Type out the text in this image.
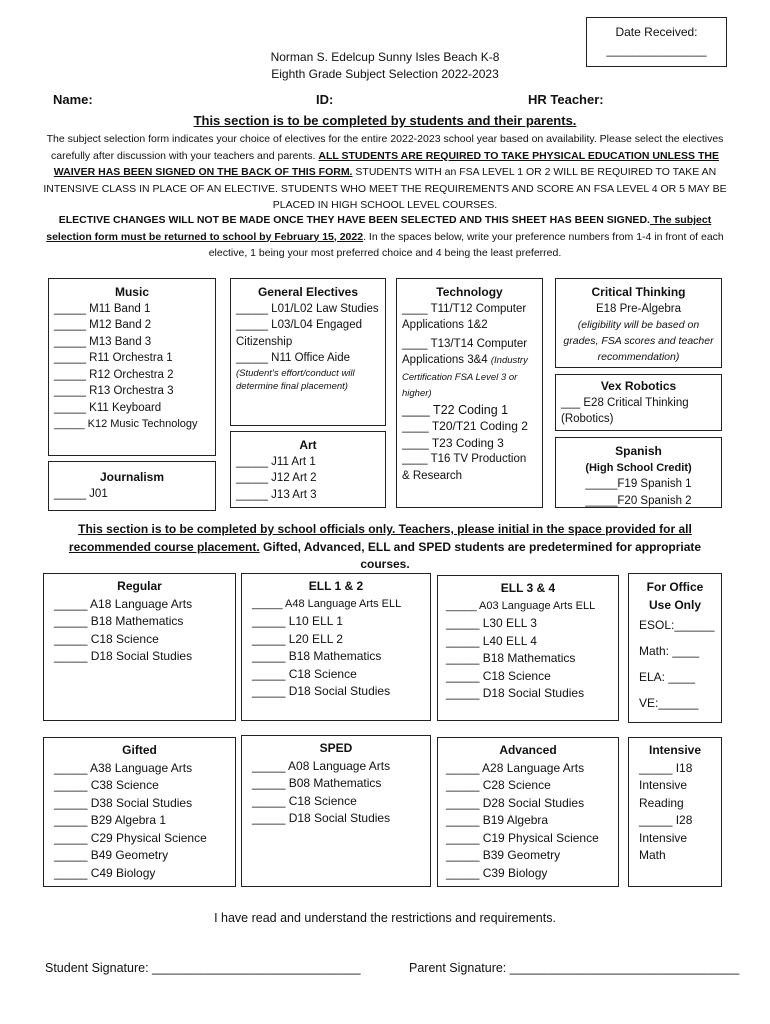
Date Received:
_______________
Norman S. Edelcup Sunny Isles Beach K-8
Eighth Grade Subject Selection 2022-2023
Name:	ID:	HR Teacher:
This section is to be completed by students and their parents.
The subject selection form indicates your choice of electives for the entire 2022-2023 school year based on availability. Please select the electives carefully after discussion with your teachers and parents. ALL STUDENTS ARE REQUIRED TO TAKE PHYSICAL EDUCATION UNLESS THE WAIVER HAS BEEN SIGNED ON THE BACK OF THIS FORM. STUDENTS WITH an FSA LEVEL 1 OR 2 WILL BE REQUIRED TO TAKE AN INTENSIVE CLASS IN PLACE OF AN ELECTIVE. STUDENTS WHO MEET THE REQUIREMENTS AND SCORE AN FSA LEVEL 4 OR 5 MAY BE PLACED IN HIGH SCHOOL LEVEL COURSES.
ELECTIVE CHANGES WILL NOT BE MADE ONCE THEY HAVE BEEN SELECTED AND THIS SHEET HAS BEEN SIGNED. The subject selection form must be returned to school by February 15, 2022. In the spaces below, write your preference numbers from 1-4 in front of each elective, 1 being your most preferred choice and 4 being the least preferred.
Music
_____ M11 Band 1
_____ M12 Band 2
_____ M13 Band 3
_____ R11 Orchestra 1
_____ R12 Orchestra 2
_____ R13 Orchestra 3
_____ K11 Keyboard
_____ K12 Music Technology
Journalism
_____ J01
General Electives
_____ L01/L02 Law Studies
_____ L03/L04 Engaged Citizenship
_____ N11 Office Aide
(Student’s effort/conduct will determine final placement)
Art
_____ J11 Art 1
_____ J12 Art 2
_____ J13 Art 3
Technology
____ T11/T12 Computer Applications 1&2
____ T13/T14 Computer Applications 3&4 (Industry Certification FSA Level 3 or higher)
____ T22 Coding 1
____ T20/T21 Coding 2
____ T23 Coding 3
____ T16 TV Production & Research
Critical Thinking
E18 Pre-Algebra
(eligibility will be based on grades, FSA scores and teacher recommendation)
Vex Robotics
___ E28 Critical Thinking (Robotics)
Spanish
(High School Credit)
_____F19 Spanish 1
_____F20 Spanish 2
This section is to be completed by school officials only. Teachers, please initial in the space provided for all recommended course placement. Gifted, Advanced, ELL and SPED students are predetermined for appropriate courses.
Regular
_____ A18 Language Arts
_____ B18 Mathematics
_____ C18 Science
_____ D18 Social Studies
ELL 1 & 2
_____ A48 Language Arts ELL
_____ L10 ELL 1
_____ L20 ELL 2
_____ B18 Mathematics
_____ C18 Science
_____ D18 Social Studies
ELL 3 & 4
_____ A03 Language Arts ELL
_____ L30 ELL 3
_____ L40 ELL 4
_____ B18 Mathematics
_____ C18 Science
_____ D18 Social Studies
For Office Use Only
ESOL:______
Math: ____
ELA: ____
VE:______
Gifted
_____ A38 Language Arts
_____ C38 Science
_____ D38 Social Studies
_____ B29 Algebra 1
_____ C29 Physical Science
_____ B49 Geometry
_____ C49 Biology
SPED
_____ A08 Language Arts
_____ B08 Mathematics
_____ C18 Science
_____ D18 Social Studies
Advanced
_____ A28 Language Arts
_____ C28 Science
_____ D28 Social Studies
_____ B19 Algebra
_____ C19 Physical Science
_____ B39 Geometry
_____ C39 Biology
Intensive
_____ I18 Intensive Reading
_____ I28 Intensive Math
I have read and understand the restrictions and requirements.
Student Signature: ______________________________	Parent Signature: _________________________________
